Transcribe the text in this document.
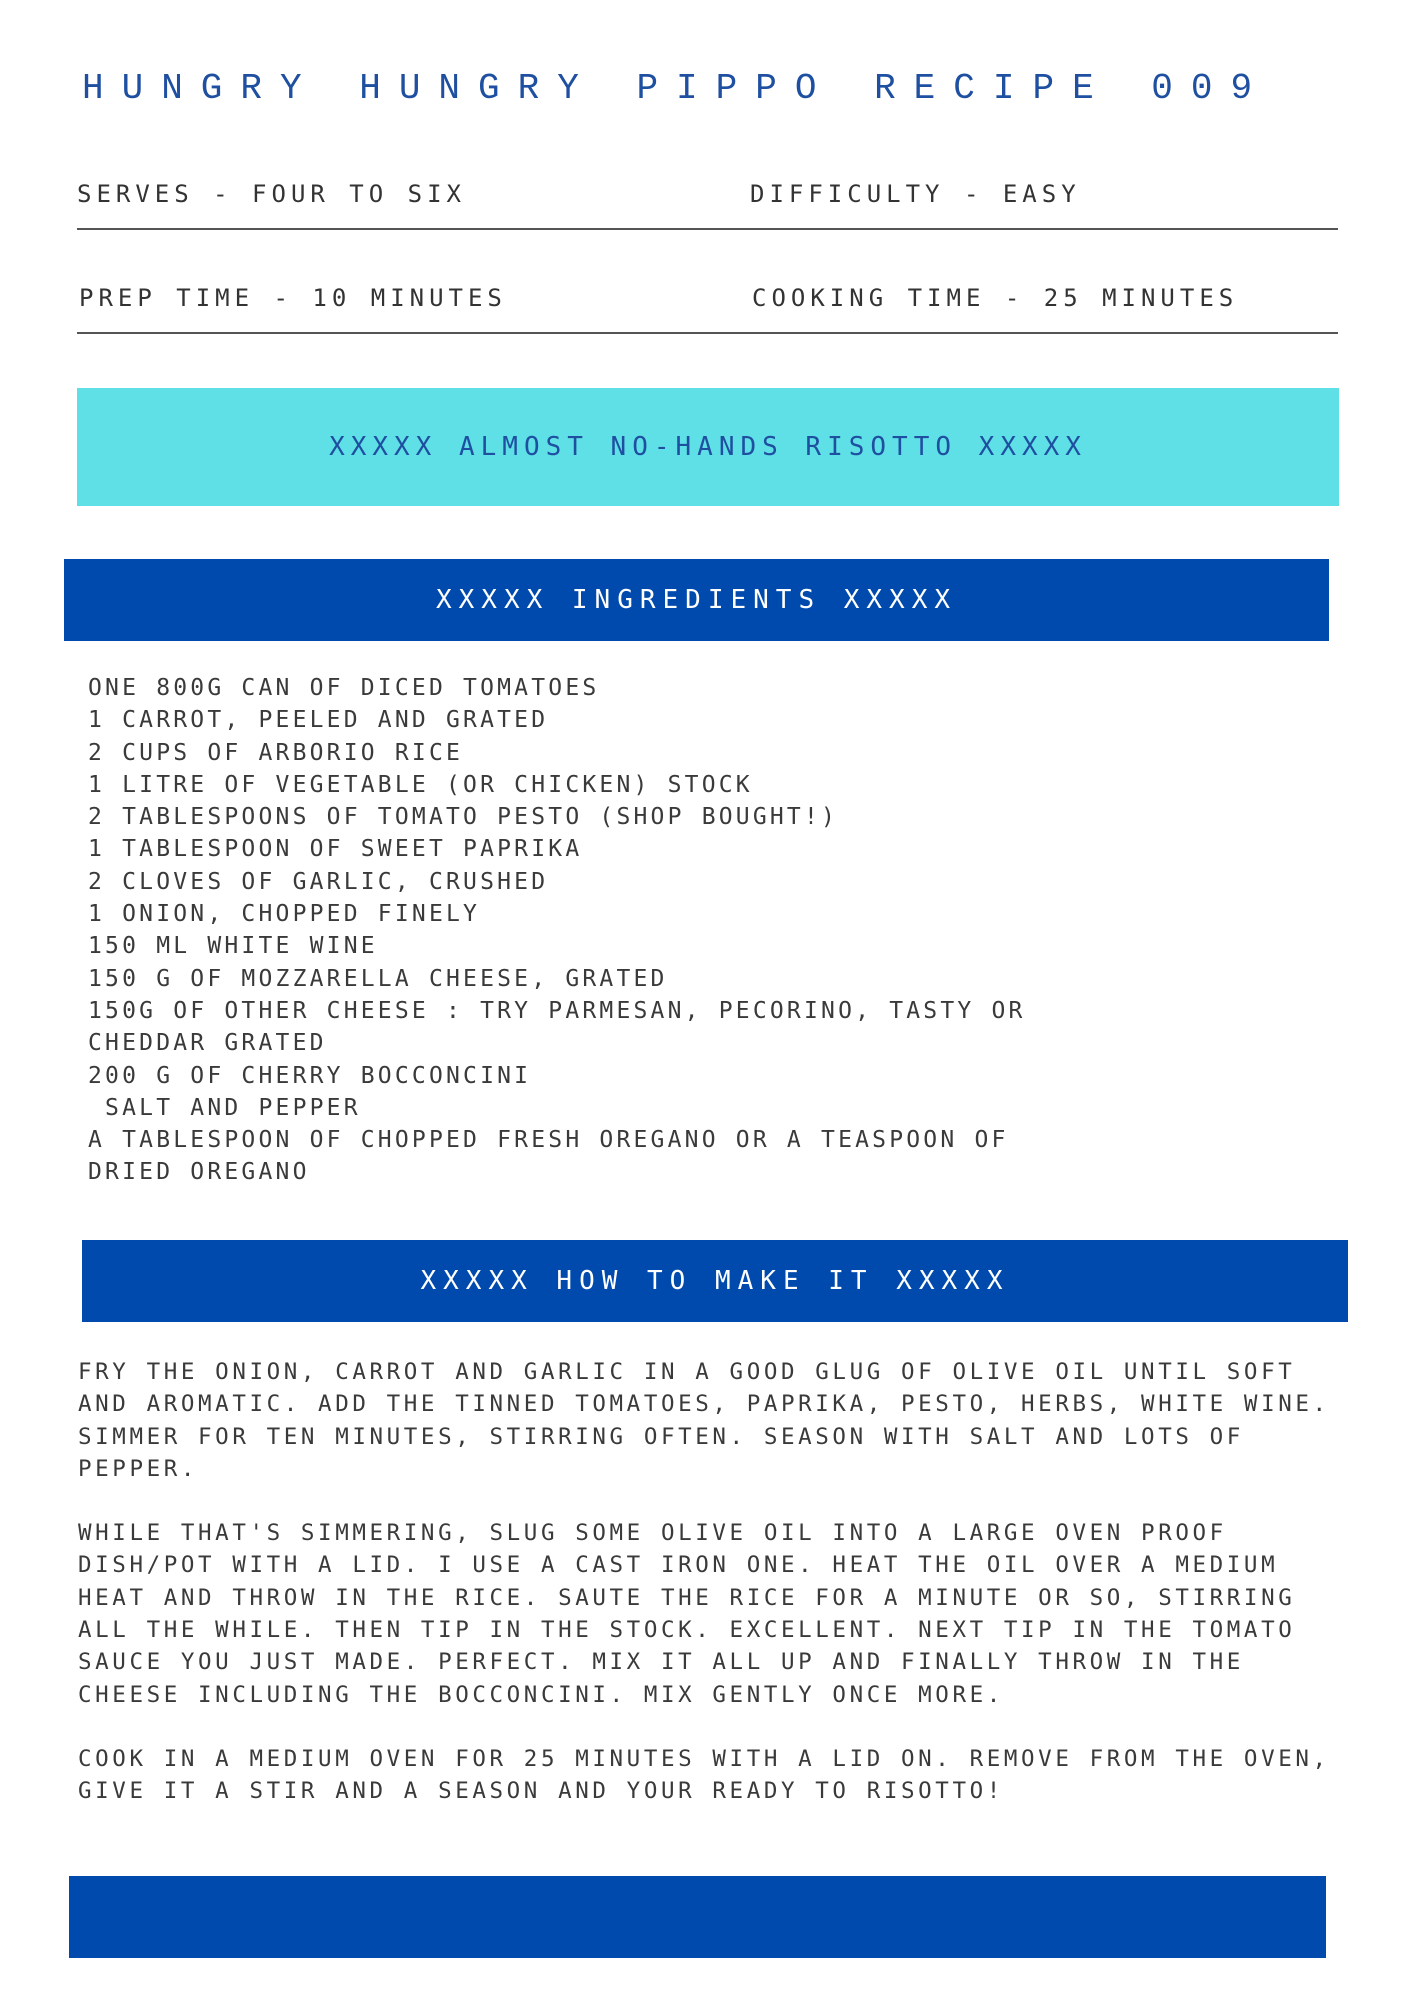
HUNGRY HUNGRY PIPPO RECIPE 009
SERVES - FOUR TO SIX	DIFFICULTY - EASY
PREP TIME - 10 MINUTES	COOKING TIME - 25 MINUTES
XXXXX ALMOST NO-HANDS RISOTTO XXXXX
XXXXX INGREDIENTS XXXXX
ONE 800G CAN OF DICED TOMATOES
1 CARROT, PEELED AND GRATED
2 CUPS OF ARBORIO RICE
1 LITRE OF VEGETABLE (OR CHICKEN) STOCK
2 TABLESPOONS OF TOMATO PESTO (SHOP BOUGHT!)
1 TABLESPOON OF SWEET PAPRIKA
2 CLOVES OF GARLIC, CRUSHED
1 ONION, CHOPPED FINELY
150 ML WHITE WINE
150 G OF MOZZARELLA CHEESE, GRATED
150G OF OTHER CHEESE : TRY PARMESAN, PECORINO, TASTY OR
CHEDDAR GRATED
200 G OF CHERRY BOCCONCINI
SALT AND PEPPER
A TABLESPOON OF CHOPPED FRESH OREGANO OR A TEASPOON OF
DRIED OREGANO
XXXXX HOW TO MAKE IT XXXXX

FRY THE ONION, CARROT AND GARLIC IN A GOOD GLUG OF OLIVE OIL UNTIL SOFT
AND AROMATIC. ADD THE TINNED TOMATOES, PAPRIKA, PESTO, HERBS, WHITE WINE.
SIMMER FOR TEN MINUTES, STIRRING OFTEN. SEASON WITH SALT AND LOTS OF
PEPPER.

WHILE THAT'S SIMMERING, SLUG SOME OLIVE OIL INTO A LARGE OVEN PROOF
DISH/POT WITH A LID. I USE A CAST IRON ONE. HEAT THE OIL OVER A MEDIUM
HEAT AND THROW IN THE RICE. SAUTE THE RICE FOR A MINUTE OR SO, STIRRING
ALL THE WHILE. THEN TIP IN THE STOCK. EXCELLENT. NEXT TIP IN THE TOMATO
SAUCE YOU JUST MADE. PERFECT. MIX IT ALL UP AND FINALLY THROW IN THE
CHEESE INCLUDING THE BOCCONCINI. MIX GENTLY ONCE MORE.

COOK IN A MEDIUM OVEN FOR 25 MINUTES WITH A LID ON. REMOVE FROM THE OVEN,
GIVE IT A STIR AND A SEASON AND YOUR READY TO RISOTTO!
